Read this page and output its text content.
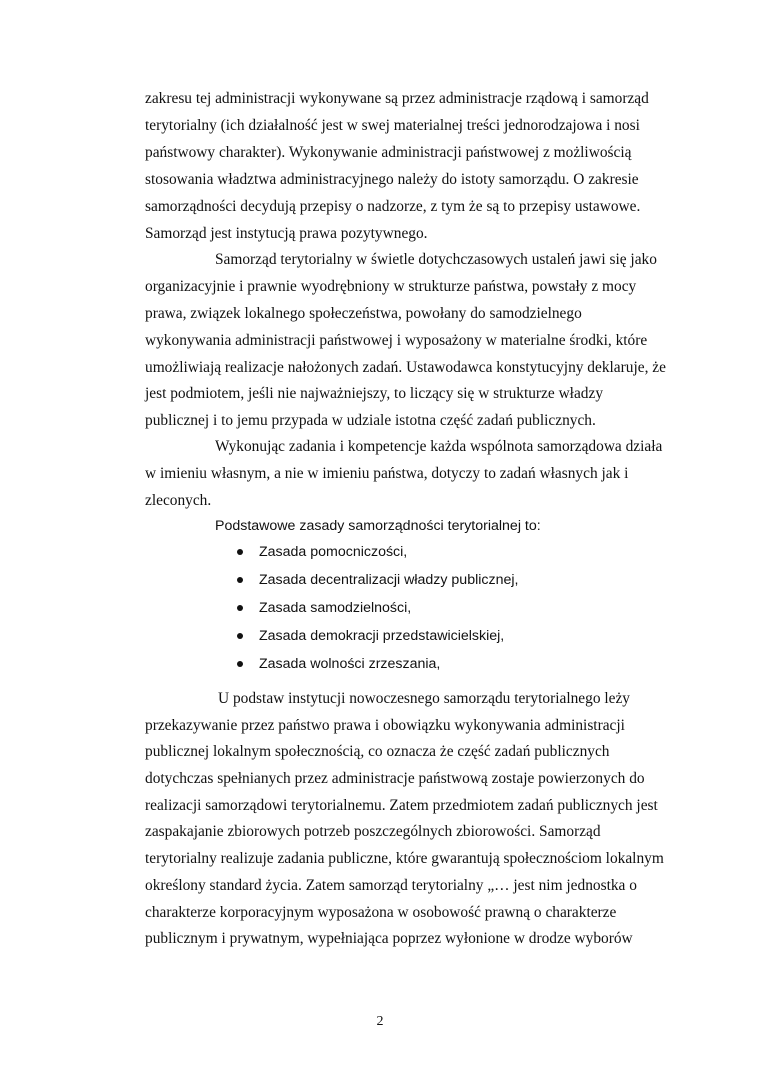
zakresu tej administracji wykonywane są przez administracje rządową i samorząd
terytorialny (ich działalność jest w swej materialnej treści jednorodzajowa i nosi
państwowy charakter). Wykonywanie administracji państwowej z możliwością
stosowania władztwa administracyjnego należy do istoty samorządu. O zakresie
samorządności decydują przepisy o nadzorze, z tym że są to przepisy ustawowe.
Samorząd jest instytucją prawa pozytywnego.
Samorząd terytorialny w świetle dotychczasowych ustaleń jawi się jako
organizacyjnie i prawnie wyodrębniony w strukturze państwa, powstały z mocy
prawa, związek lokalnego społeczeństwa, powołany do samodzielnego
wykonywania administracji państwowej i wyposażony w materialne środki, które
umożliwiają realizacje nałożonych zadań. Ustawodawca konstytucyjny deklaruje, że
jest podmiotem, jeśli nie najważniejszy, to liczący się w strukturze władzy
publicznej i to jemu przypada w udziale istotna część zadań publicznych.
Wykonując zadania i kompetencje każda wspólnota samorządowa działa
w imieniu własnym, a nie w imieniu państwa, dotyczy to zadań własnych jak i
zleconych.
Podstawowe zasady samorządności terytorialnej to:
Zasada pomocniczości,
Zasada decentralizacji władzy publicznej,
Zasada samodzielności,
Zasada demokracji przedstawicielskiej,
Zasada wolności zrzeszania,
U podstaw instytucji nowoczesnego samorządu terytorialnego leży
przekazywanie przez państwo prawa i obowiązku wykonywania administracji
publicznej lokalnym społecznością, co oznacza że część zadań publicznych
dotychczas spełnianych przez administracje państwową zostaje powierzonych do
realizacji samorządowi terytorialnemu. Zatem przedmiotem zadań publicznych jest
zaspakajanie zbiorowych potrzeb poszczególnych zbiorowości. Samorząd
terytorialny realizuje zadania publiczne, które gwarantują społecznościom lokalnym
określony standard życia. Zatem samorząd terytorialny „… jest nim jednostka o
charakterze korporacyjnym wyposażona w osobowość prawną o charakterze
publicznym i prywatnym, wypełniająca poprzez wyłonione w drodze wyborów
2
